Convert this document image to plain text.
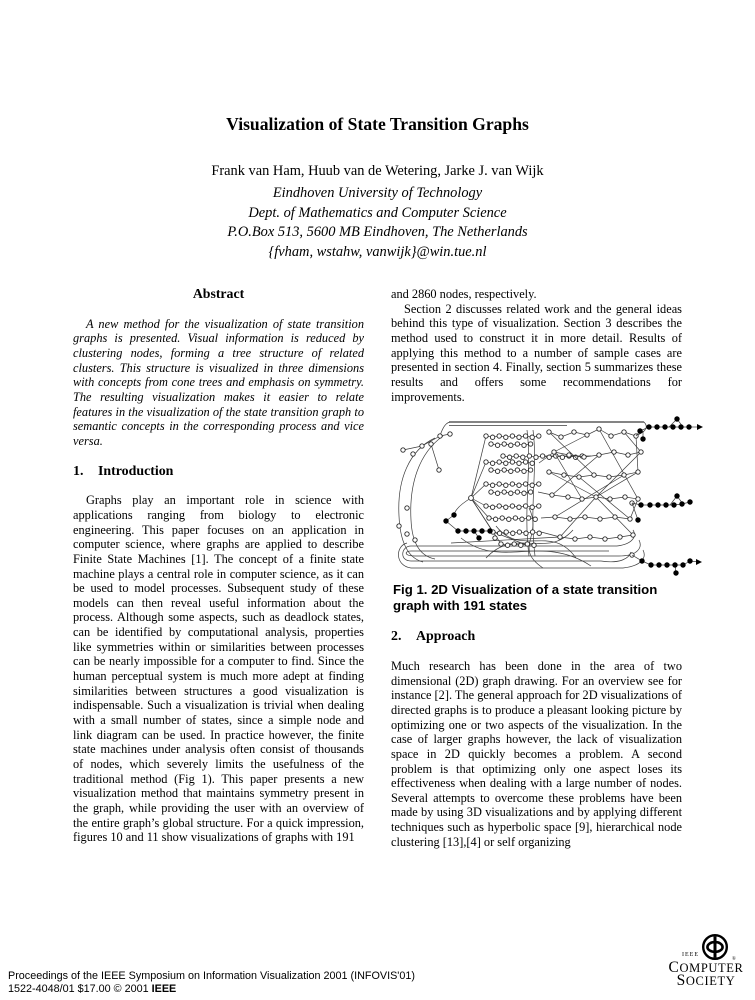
Visualization of State Transition Graphs
Frank van Ham, Huub van de Wetering, Jarke J. van Wijk
Eindhoven University of Technology
Dept. of Mathematics and Computer Science
P.O.Box 513, 5600 MB Eindhoven, The Netherlands
{fvham, wstahw, vanwijk}@win.tue.nl
Abstract

A new method for the visualization of state transition graphs is presented. Visual information is reduced by clustering nodes, forming a tree structure of related clusters. This structure is visualized in three dimensions with concepts from cone trees and emphasis on symmetry. The resulting visualization makes it easier to relate features in the visualization of the state transition graph to semantic concepts in the corresponding process and vice versa.

1. Introduction

Graphs play an important role in science with applications ranging from biology to electronic engineering. This paper focuses on an application in computer science, where graphs are applied to describe Finite State Machines [1]. The concept of a finite state machine plays a central role in computer science, as it can be used to model processes. Subsequent study of these models can then reveal useful information about the process. Although some aspects, such as deadlock states, can be identified by computational analysis, properties like symmetries within or similarities between processes can be nearly impossible for a computer to find. Since the human perceptual system is much more adept at finding similarities between structures a good visualization is indispensable. Such a visualization is trivial when dealing with a small number of states, since a simple node and link diagram can be used. In practice however, the finite state machines under analysis often consist of thousands of nodes, which severely limits the usefulness of the traditional method (Fig 1). This paper presents a new visualization method that maintains symmetry present in the graph, while providing the user with an overview of the entire graph’s global structure. For a quick impression, figures 10 and 11 show visualizations of graphs with 191

and 2860 nodes, respectively.

Section 2 discusses related work and the general ideas behind this type of visualization. Section 3 describes the method used to construct it in more detail. Results of applying this method to a number of sample cases are presented in section 4. Finally, section 5 summarizes these results and offers some recommendations for improvements.

Fig 1. 2D Visualization of a state transition
graph with 191 states
2. Approach

Much research has been done in the area of two dimensional (2D) graph drawing. For an overview see for instance [2]. The general approach for 2D visualizations of directed graphs is to produce a pleasant looking picture by optimizing one or two aspects of the visualization. In the case of larger graphs however, the lack of visualization space in 2D quickly becomes a problem. A second problem is that optimizing only one aspect loses its effectiveness when dealing with a large number of nodes. Several attempts to overcome these problems have been made by using 3D visualizations and by applying different techniques such as hyperbolic space [9], hierarchical node clustering [13],[4] or self organizing

Proceedings of the IEEE Symposium on Information Visualization 2001 (INFOVIS'01)
1522-4048/01 $17.00 © 2001 IEEE
IEEE
®
COMPUTER
SOCIETY
